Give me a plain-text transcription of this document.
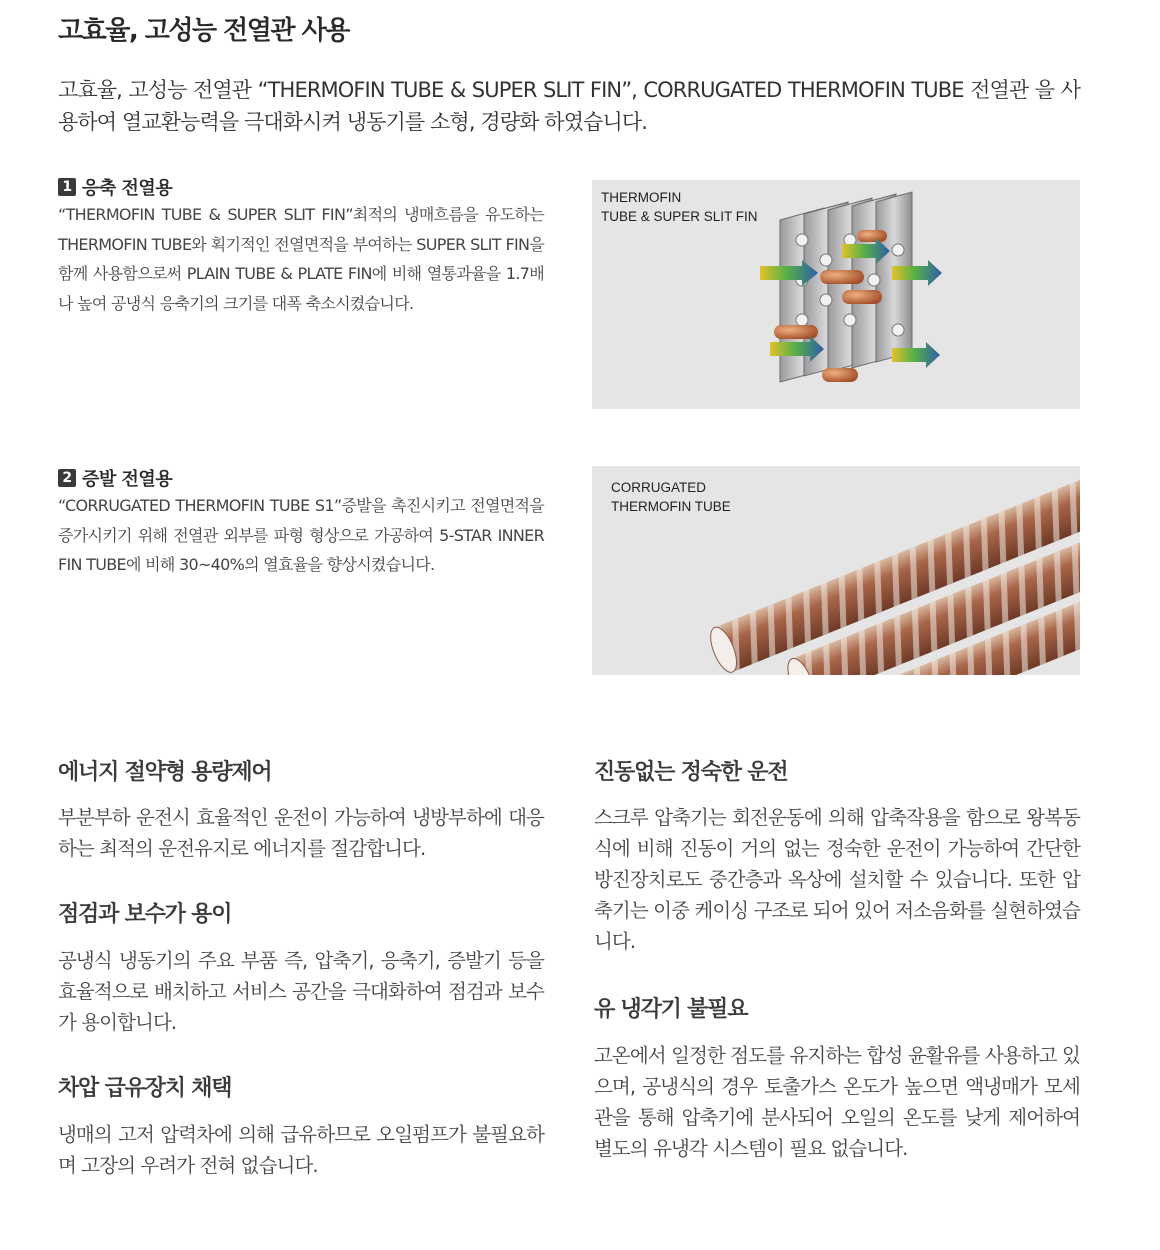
고효율, 고성능 전열관 사용
고효율, 고성능 전열관 “THERMOFIN TUBE & SUPER SLIT FIN”, CORRUGATED THERMOFIN TUBE 전열관 을 사용하여 열교환능력을 극대화시켜 냉동기를 소형, 경량화 하였습니다.
1 응축 전열용
“THERMOFIN TUBE & SUPER SLIT FIN”최적의 냉매흐름을 유도하는 THERMOFIN TUBE와 획기적인 전열면적을 부여하는 SUPER SLIT FIN을 함께 사용함으로써 PLAIN TUBE & PLATE FIN에 비해 열통과율을 1.7배나 높여 공냉식 응축기의 크기를 대폭 축소시켰습니다.
THERMOFIN
TUBE & SUPER SLIT FIN
2 증발 전열용
“CORRUGATED THERMOFIN TUBE S1”증발을 촉진시키고 전열면적을 증가시키기 위해 전열관 외부를 파형 형상으로 가공하여 5-STAR INNER FIN TUBE에 비해 30~40%의 열효율을 향상시켰습니다.
CORRUGATED
THERMOFIN TUBE
에너지 절약형 용량제어
부분부하 운전시 효율적인 운전이 가능하여 냉방부하에 대응하는 최적의 운전유지로 에너지를 절감합니다.
점검과 보수가 용이
공냉식 냉동기의 주요 부품 즉, 압축기, 응축기, 증발기 등을 효율적으로 배치하고 서비스 공간을 극대화하여 점검과 보수가 용이합니다.
차압 급유장치 채택
냉매의 고저 압력차에 의해 급유하므로 오일펌프가 불필요하며 고장의 우려가 전혀 없습니다.
진동없는 정숙한 운전
스크루 압축기는 회전운동에 의해 압축작용을 함으로 왕복동식에 비해 진동이 거의 없는 정숙한 운전이 가능하여 간단한 방진장치로도 중간층과 옥상에 설치할 수 있습니다. 또한 압축기는 이중 케이싱 구조로 되어 있어 저소음화를 실현하였습니다.
유 냉각기 불필요
고온에서 일정한 점도를 유지하는 합성 윤활유를 사용하고 있으며, 공냉식의 경우 토출가스 온도가 높으면 액냉매가 모세관을 통해 압축기에 분사되어 오일의 온도를 낮게 제어하여 별도의 유냉각 시스템이 필요 없습니다.
